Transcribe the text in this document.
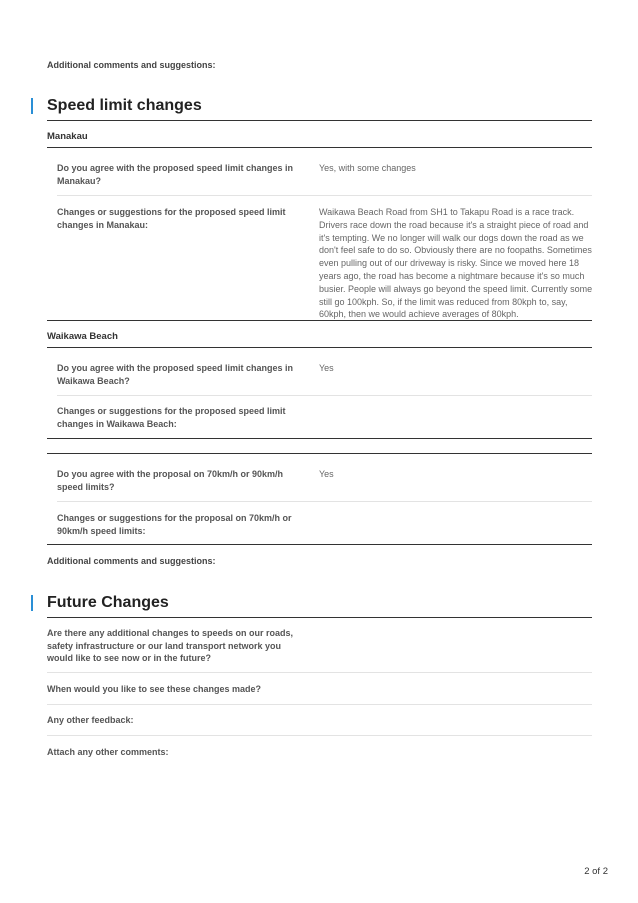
Additional comments and suggestions:
Speed limit changes
Manakau
Do you agree with the proposed speed limit changes in Manakau?
Yes, with some changes
Changes or suggestions for the proposed speed limit changes in Manakau:
Waikawa Beach Road from SH1 to Takapu Road is a race track. Drivers race down the road because it's a straight piece of road and it's tempting. We no longer will walk our dogs down the road as we don't feel safe to do so. Obviously there are no foopaths. Sometimes even pulling out of our driveway is risky. Since we moved here 18 years ago, the road has become a nightmare because it's so much busier. People will always go beyond the speed limit. Currently some still go 100kph. So, if the limit was reduced from 80kph to, say, 60kph, then we would achieve averages of 80kph.
Waikawa Beach
Do you agree with the proposed speed limit changes in Waikawa Beach?
Yes
Changes or suggestions for the proposed speed limit changes in Waikawa Beach:
Do you agree with the proposal on 70km/h or 90km/h speed limits?
Yes
Changes or suggestions for the proposal on 70km/h or 90km/h speed limits:
Additional comments and suggestions:
Future Changes
Are there any additional changes to speeds on our roads, safety infrastructure or our land transport network you would like to see now or in the future?
When would you like to see these changes made?
Any other feedback:
Attach any other comments:
2 of 2
